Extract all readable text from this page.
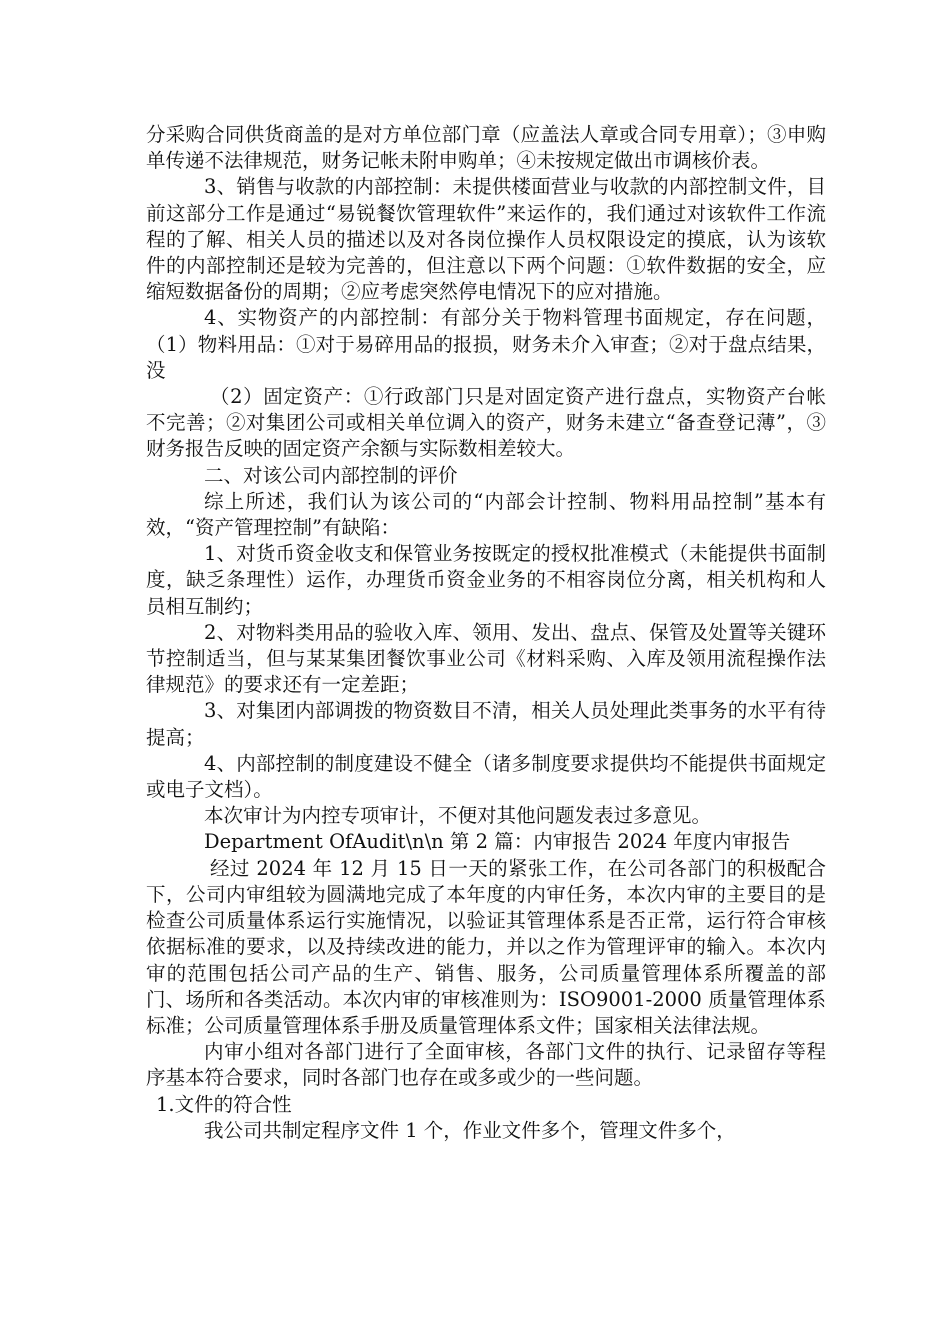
分采购合同供货商盖的是对方单位部门章（应盖法人章或合同专用章）；③申购单传递不法律规范，财务记帐未附申购单；④未按规定做出市调核价表。

3、销售与收款的内部控制：未提供楼面营业与收款的内部控制文件，目前这部分工作是通过“易锐餐饮管理软件”来运作的，我们通过对该软件工作流程的了解、相关人员的描述以及对各岗位操作人员权限设定的摸底，认为该软件的内部控制还是较为完善的，但注意以下两个问题：①软件数据的安全，应缩短数据备份的周期；②应考虑突然停电情况下的应对措施。

4、实物资产的内部控制：有部分关于物料管理书面规定，存在问题，（1）物料用品：①对于易碎用品的报损，财务未介入审查；②对于盘点结果，没

（2）固定资产：①行政部门只是对固定资产进行盘点，实物资产台帐不完善；②对集团公司或相关单位调入的资产，财务未建立“备查登记薄”，③财务报告反映的固定资产余额与实际数相差较大。

二、对该公司内部控制的评价

综上所述，我们认为该公司的“内部会计控制、物料用品控制”基本有效，“资产管理控制”有缺陷：

1、对货币资金收支和保管业务按既定的授权批准模式（未能提供书面制度，缺乏条理性）运作，办理货币资金业务的不相容岗位分离，相关机构和人员相互制约；

2、对物料类用品的验收入库、领用、发出、盘点、保管及处置等关键环节控制适当，但与某某集团餐饮事业公司《材料采购、入库及领用流程操作法律规范》的要求还有一定差距；

3、对集团内部调拨的物资数目不清，相关人员处理此类事务的水平有待提高；

4、内部控制的制度建设不健全（诸多制度要求提供均不能提供书面规定或电子文档）。

本次审计为内控专项审计，不便对其他问题发表过多意见。

Department OfAudit\n\n 第 2 篇：内审报告 2024 年度内审报告

经过 2024 年 12 月 15 日一天的紧张工作，在公司各部门的积极配合下，公司内审组较为圆满地完成了本年度的内审任务，本次内审的主要目的是检查公司质量体系运行实施情况，以验证其管理体系是否正常，运行符合审核依据标准的要求，以及持续改进的能力，并以之作为管理评审的输入。本次内审的范围包括公司产品的生产、销售、服务，公司质量管理体系所覆盖的部门、场所和各类活动。本次内审的审核准则为：ISO9001-2000 质量管理体系标准；公司质量管理体系手册及质量管理体系文件；国家相关法律法规。

内审小组对各部门进行了全面审核，各部门文件的执行、记录留存等程序基本符合要求，同时各部门也存在或多或少的一些问题。

1.文件的符合性

我公司共制定程序文件 1 个，作业文件多个，管理文件多个，
